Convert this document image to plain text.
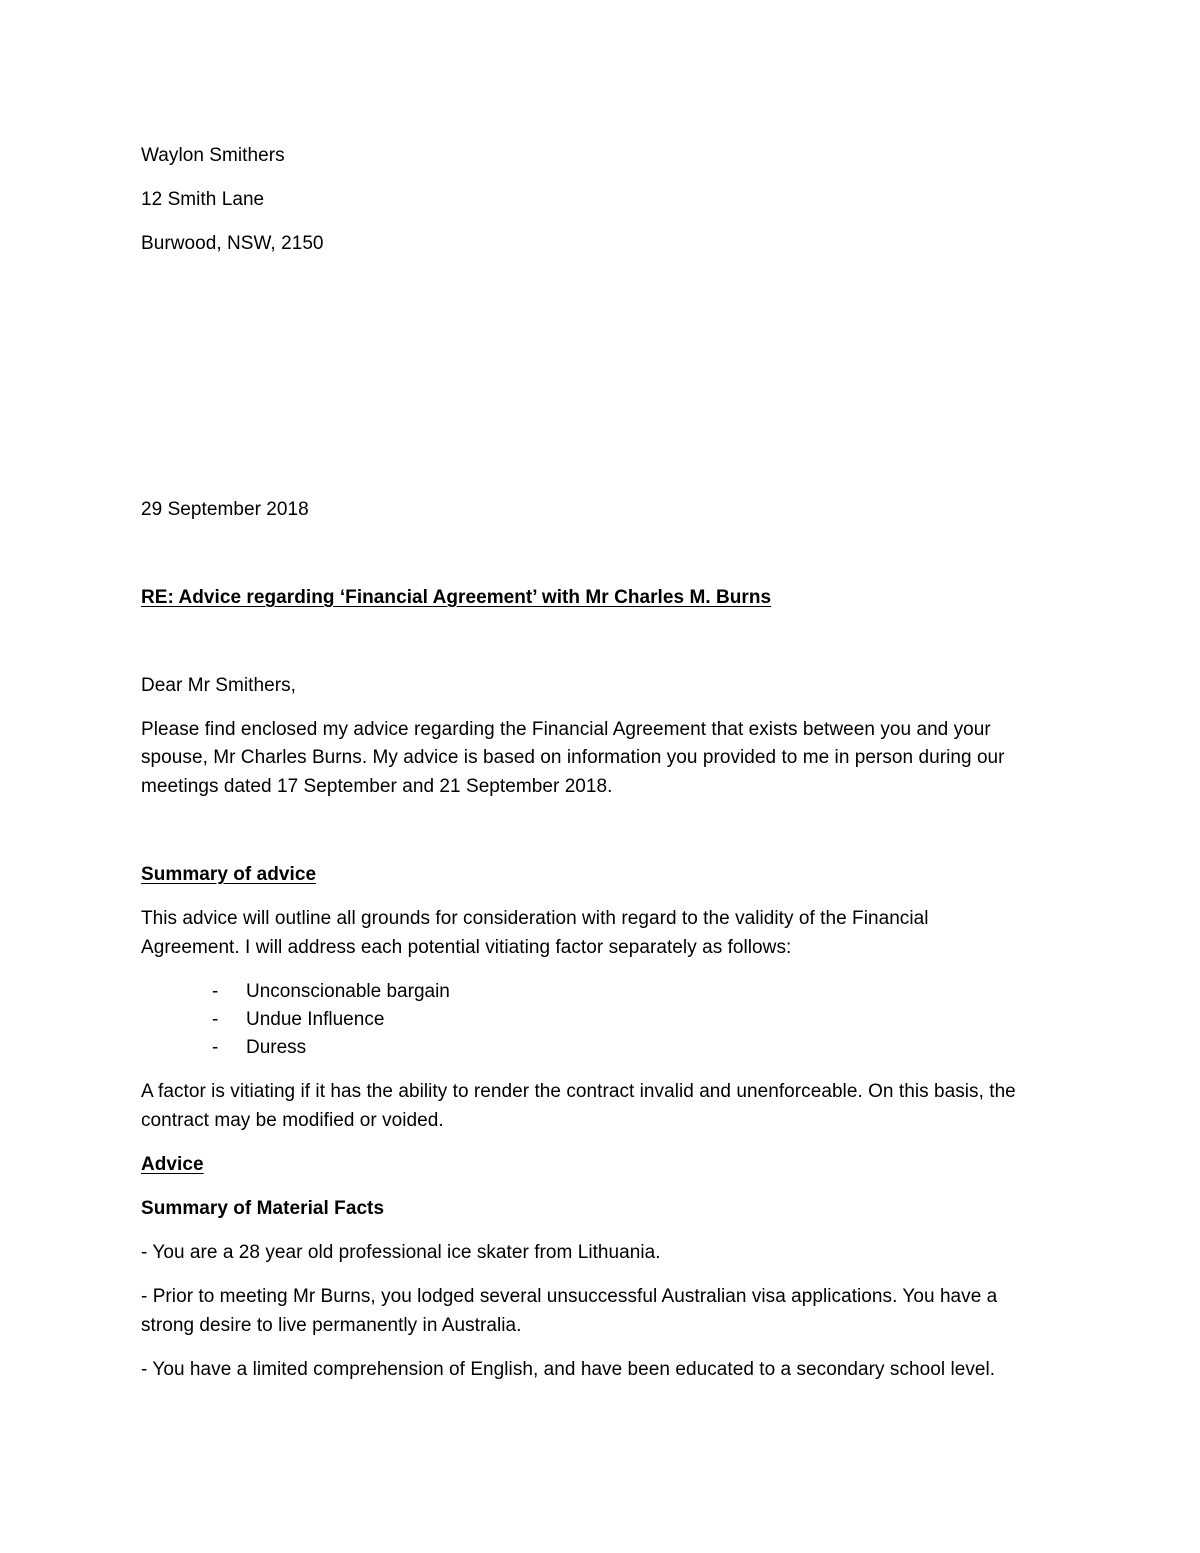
Waylon Smithers
12 Smith Lane
Burwood, NSW, 2150
29 September 2018
RE: Advice regarding ‘Financial Agreement’ with Mr Charles M. Burns
Dear Mr Smithers,
Please find enclosed my advice regarding the Financial Agreement that exists between you and your
spouse, Mr Charles Burns. My advice is based on information you provided to me in person during our
meetings dated 17 September and 21 September 2018.
Summary of advice
This advice will outline all grounds for consideration with regard to the validity of the Financial
Agreement. I will address each potential vitiating factor separately as follows:
- Unconscionable bargain
- Undue Influence
- Duress
A factor is vitiating if it has the ability to render the contract invalid and unenforceable. On this basis, the
contract may be modified or voided.
Advice
Summary of Material Facts
- You are a 28 year old professional ice skater from Lithuania.
- Prior to meeting Mr Burns, you lodged several unsuccessful Australian visa applications. You have a
strong desire to live permanently in Australia.
- You have a limited comprehension of English, and have been educated to a secondary school level.
